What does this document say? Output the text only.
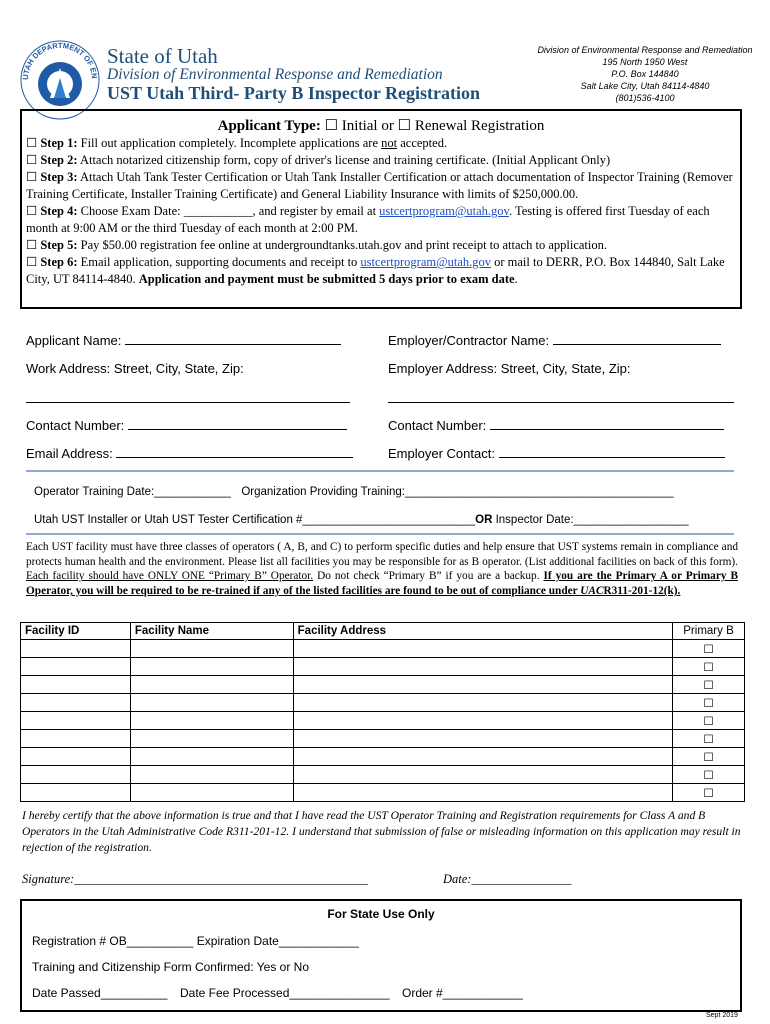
UTAH DEPARTMENT OF EN
State of Utah
Division of Environmental Response and Remediation
UST Utah Third- Party B Inspector Registration
Division of Environmental Response and Remediation
195 North 1950 West
P.O. Box 144840
Salt Lake City, Utah 84114-4840
(801)536-4100
Applicant Type: ☐ Initial or ☐ Renewal Registration
☐ Step 1: Fill out application completely. Incomplete applications are not accepted.
☐ Step 2: Attach notarized citizenship form, copy of driver's license and training certificate. (Initial Applicant Only)
☐ Step 3: Attach Utah Tank Tester Certification or Utah Tank Installer Certification or attach documentation of Inspector Training (Remover Training Certificate, Installer Training Certificate) and General Liability Insurance with limits of $250,000.00.
☐ Step 4: Choose Exam Date: ___________, and register by email at ustcertprogram@utah.gov. Testing is offered first Tuesday of each month at 9:00 AM or the third Tuesday of each month at 2:00 PM.
☐ Step 5: Pay $50.00 registration fee online at undergroundtanks.utah.gov and print receipt to attach to application.
☐ Step 6: Email application, supporting documents and receipt to ustcertprogram@utah.gov or mail to DERR, P.O. Box 144840, Salt Lake City, UT 84114-4840. Application and payment must be submitted 5 days prior to exam date.
Applicant Name:	Employer/Contractor Name:
Work Address: Street, City, State, Zip:	Employer Address: Street, City, State, Zip:
Contact Number:	Contact Number:
Email Address:	Employer Contact:
Operator Training Date:____________ Organization Providing Training:__________________________________________
Utah UST Installer or Utah UST Tester Certification #___________________________OR Inspector Date:__________________
Each UST facility must have three classes of operators ( A, B, and C) to perform specific duties and help ensure that UST systems remain in compliance and protects human health and the environment. Please list all facilities you may be responsible for as B operator. (List additional facilities on back of this form). Each facility should have ONLY ONE “Primary B” Operator. Do not check “Primary B” if you are a backup. If you are the Primary A or Primary B Operator, you will be required to be re-trained if any of the listed facilities are found to be out of compliance under UACR311-201-12(k).
Facility ID	Facility Name	Facility Address	Primary B
			☐
			☐
			☐
			☐
			☐
			☐
			☐
			☐
			☐
I hereby certify that the above information is true and that I have read the UST Operator Training and Registration requirements for Class A and B Operators in the Utah Administrative Code R311-201-12. I understand that submission of false or misleading information on this application may result in rejection of the registration.
Signature:_______________________________________________	Date:________________
For State Use Only
Registration # OB__________ Expiration Date____________
Training and Citizenship Form Confirmed: Yes or No
Date Passed__________ Date Fee Processed_______________ Order #____________
Sept 2019
